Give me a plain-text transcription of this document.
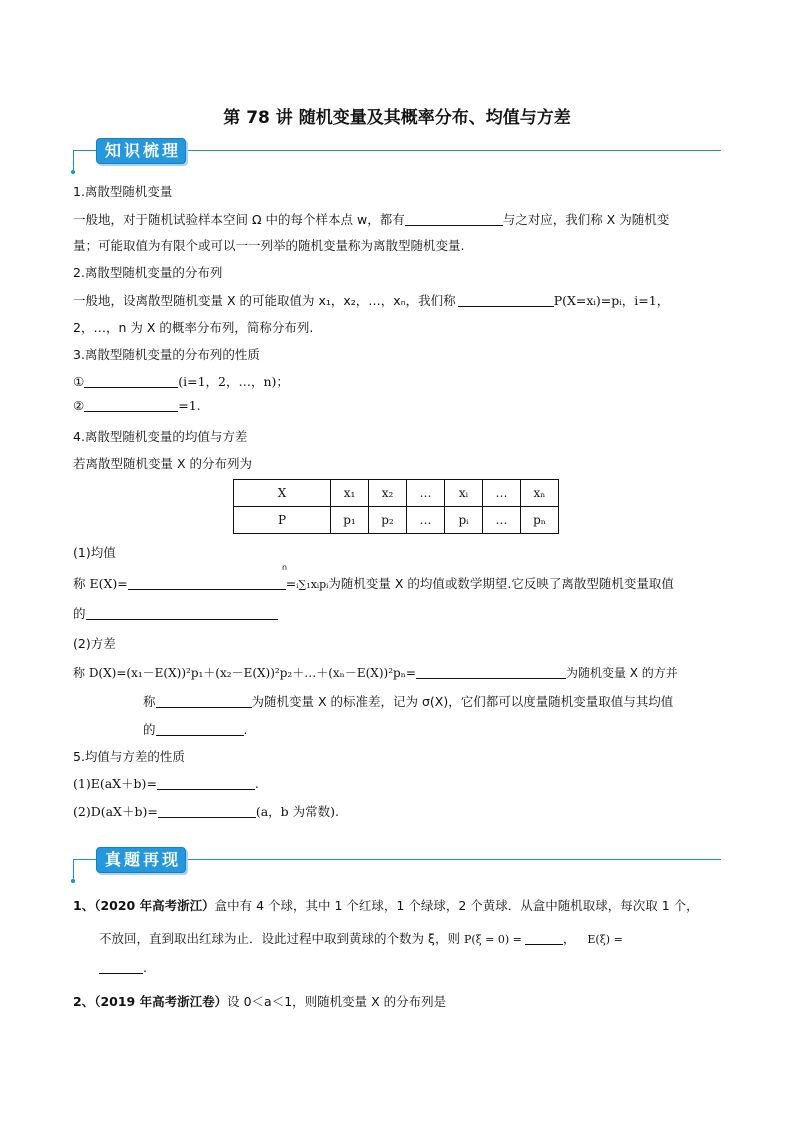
第 78 讲 随机变量及其概率分布、均值与方差
知识梳理
1.离散型随机变量
一般地，对于随机试验样本空间 Ω 中的每个样本点 w，都有	与之对应，我们称 X 为随机变
量；可能取值为有限个或可以一一列举的随机变量称为离散型随机变量.
2.离散型随机变量的分布列
一般地，设离散型随机变量 X 的可能取值为 x₁，x₂，…，xₙ，我们称	P(X=xᵢ)=pᵢ，i=1，
2，…，n 为 X 的概率分布列，简称分布列.
3.离散型随机变量的分布列的性质
①	(i=1，2，…，n)；
②	=1.
4.离散型随机变量的均值与方差
若离散型随机变量 X 的分布列为
X	x₁	x₂	…	xᵢ	…	xₙ
P	p₁	p₂	…	pᵢ	…	pₙ
(1)均值
n
称 E(X)=	=ᵢ∑₁xᵢpᵢ为随机变量 X 的均值或数学期望.它反映了离散型随机变量取值
的
(2)方差
称 D(X)=(x₁－E(X))²p₁＋(x₂－E(X))²p₂＋…＋(xₙ－E(X))²pₙ=	为随机变量 X 的方并
称	为随机变量 X 的标准差，记为 σ(X)，它们都可以度量随机变量取值与其均值
的	.
5.均值与方差的性质
(1)E(aX＋b)=	.
(2)D(aX＋b)=	(a，b 为常数).
真题再现
1、（2020 年高考浙江）盒中有 4 个球，其中 1 个红球，1 个绿球，2 个黄球．从盒中随机取球，每次取 1 个，
不放回，直到取出红球为止．设此过程中取到黄球的个数为 ξ，则 P(ξ = 0) =	， E(ξ) =
.
2、（2019 年高考浙江卷）设 0＜a＜1，则随机变量 X 的分布列是
